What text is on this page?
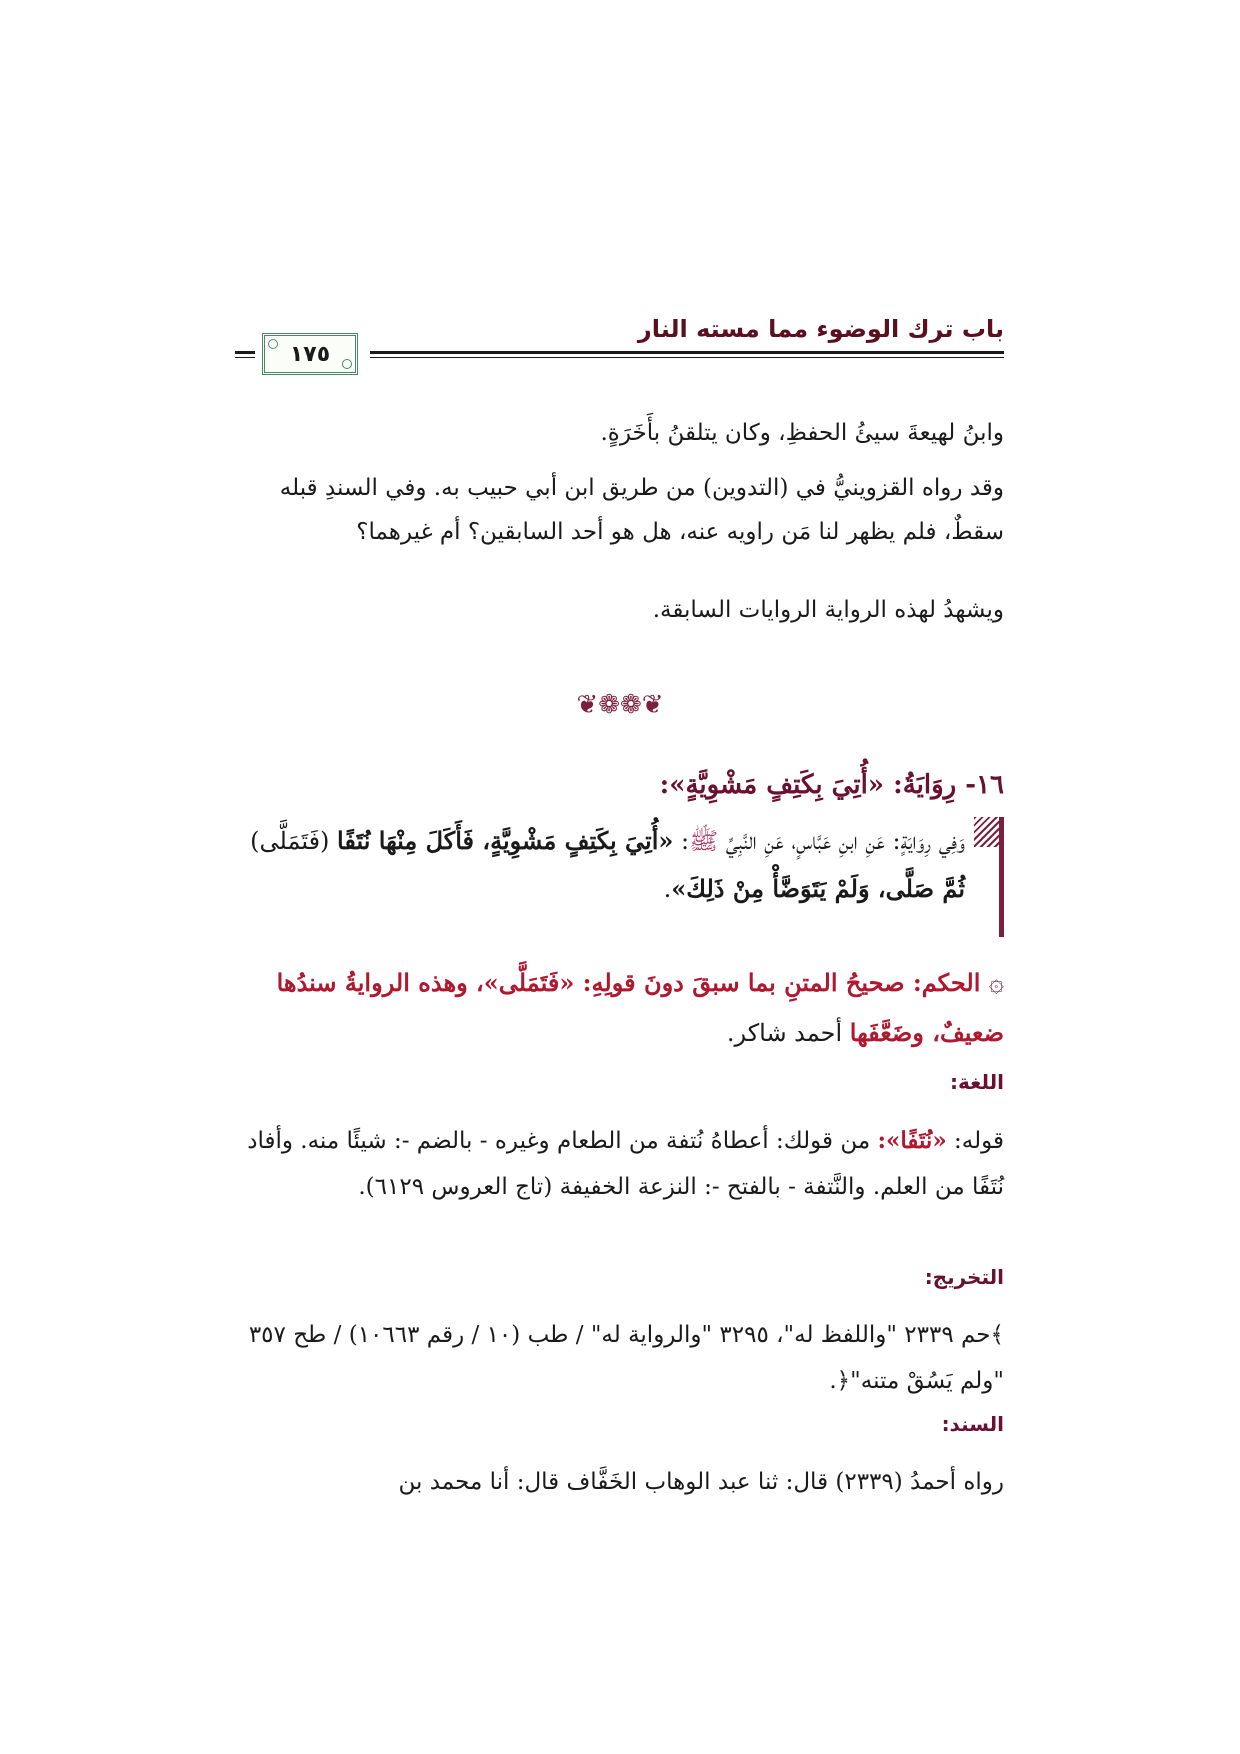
باب ترك الوضوء مما مسته النار
١٧٥
وابنُ لهيعةَ سيئُ الحفظِ، وكان يتلقنُ بأَخَرَةٍ.
وقد رواه القزوينيُّ في (التدوين) من طريق ابن أبي حبيب به. وفي السندِ قبله سقطٌ، فلم يظهر لنا مَن راويه عنه، هل هو أحد السابقين؟ أم غيرهما؟
ويشهدُ لهذه الرواية الروايات السابقة.
❦❁❁❦
١٦- رِوَايَةُ: «أُتِيَ بِكَتِفٍ مَشْوِيَّةٍ»:
وَفِي رِوَايَةٍ: عَنِ ابنِ عَبَّاسٍ، عَنِ النَّبِيِّ ﷺ: «أُتِيَ بِكَتِفٍ مَشْوِيَّةٍ، فَأَكَلَ مِنْهَا نُتَفًا (فَتَمَلَّى) ثُمَّ صَلَّى، وَلَمْ يَتَوَضَّأْ مِنْ ذَلِكَ».
۞ الحكم: صحيحُ المتنِ بما سبقَ دونَ قولِهِ: «فَتَمَلَّى»، وهذه الروايةُ سندُها ضعيفٌ، وضَعَّفَها أحمد شاكر.
اللغة:
قوله: «نُتَفًا»: من قولك: أعطاهُ نُتفة من الطعام وغيره - بالضم -: شيئًا منه. وأفاد نُتَفًا من العلم. والنَّتفة - بالفتح -: النزعة الخفيفة (تاج العروس ٦١٢٩).
التخريج:
﴾حم ٢٣٣٩ "واللفظ له"، ٣٢٩٥ "والرواية له" / طب (١٠ / رقم ١٠٦٦٣) / طح ٣٥٧ "ولم يَسُقْ متنه"﴿.
السند:
رواه أحمدُ (٢٣٣٩) قال: ثنا عبد الوهاب الخَفَّاف قال: أنا محمد بن
